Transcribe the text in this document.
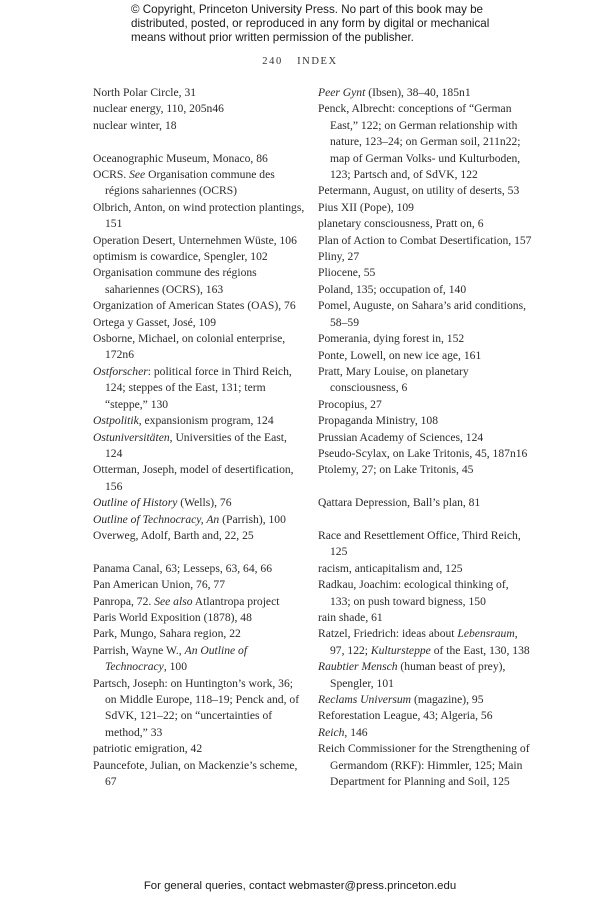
© Copyright, Princeton University Press. No part of this book may be distributed, posted, or reproduced in any form by digital or mechanical means without prior written permission of the publisher.
240 INDEX
North Polar Circle, 31
nuclear energy, 110, 205n46
nuclear winter, 18
Oceanographic Museum, Monaco, 86
OCRS. See Organisation commune des régions sahariennes (OCRS)
Olbrich, Anton, on wind protection plantings, 151
Operation Desert, Unternehmen Wüste, 106
optimism is cowardice, Spengler, 102
Organisation commune des régions sahariennes (OCRS), 163
Organization of American States (OAS), 76
Ortega y Gasset, José, 109
Osborne, Michael, on colonial enterprise, 172n6
Ostforscher: political force in Third Reich, 124; steppes of the East, 131; term “steppe,” 130
Ostpolitik, expansionism program, 124
Ostuniversitäten, Universities of the East, 124
Otterman, Joseph, model of desertification, 156
Outline of History (Wells), 76
Outline of Technocracy, An (Parrish), 100
Overweg, Adolf, Barth and, 22, 25
Panama Canal, 63; Lesseps, 63, 64, 66
Pan American Union, 76, 77
Panropa, 72. See also Atlantropa project
Paris World Exposition (1878), 48
Park, Mungo, Sahara region, 22
Parrish, Wayne W., An Outline of Technocracy, 100
Partsch, Joseph: on Huntington’s work, 36; on Middle Europe, 118–19; Penck and, of SdVK, 121–22; on “uncertainties of method,” 33
patriotic emigration, 42
Pauncefote, Julian, on Mackenzie’s scheme, 67
Peer Gynt (Ibsen), 38–40, 185n1
Penck, Albrecht: conceptions of “German East,” 122; on German relationship with nature, 123–24; on German soil, 211n22; map of German Volks- und Kulturboden, 123; Partsch and, of SdVK, 122
Petermann, August, on utility of deserts, 53
Pius XII (Pope), 109
planetary consciousness, Pratt on, 6
Plan of Action to Combat Desertification, 157
Pliny, 27
Pliocene, 55
Poland, 135; occupation of, 140
Pomel, Auguste, on Sahara’s arid conditions, 58–59
Pomerania, dying forest in, 152
Ponte, Lowell, on new ice age, 161
Pratt, Mary Louise, on planetary consciousness, 6
Procopius, 27
Propaganda Ministry, 108
Prussian Academy of Sciences, 124
Pseudo-Scylax, on Lake Tritonis, 45, 187n16
Ptolemy, 27; on Lake Tritonis, 45
Qattara Depression, Ball’s plan, 81
Race and Resettlement Office, Third Reich, 125
racism, anticapitalism and, 125
Radkau, Joachim: ecological thinking of, 133; on push toward bigness, 150
rain shade, 61
Ratzel, Friedrich: ideas about Lebensraum, 97, 122; Kultursteppe of the East, 130, 138
Raubtier Mensch (human beast of prey), Spengler, 101
Reclams Universum (magazine), 95
Reforestation League, 43; Algeria, 56
Reich, 146
Reich Commissioner for the Strengthening of Germandom (RKF): Himmler, 125; Main Department for Planning and Soil, 125
For general queries, contact webmaster@press.princeton.edu
